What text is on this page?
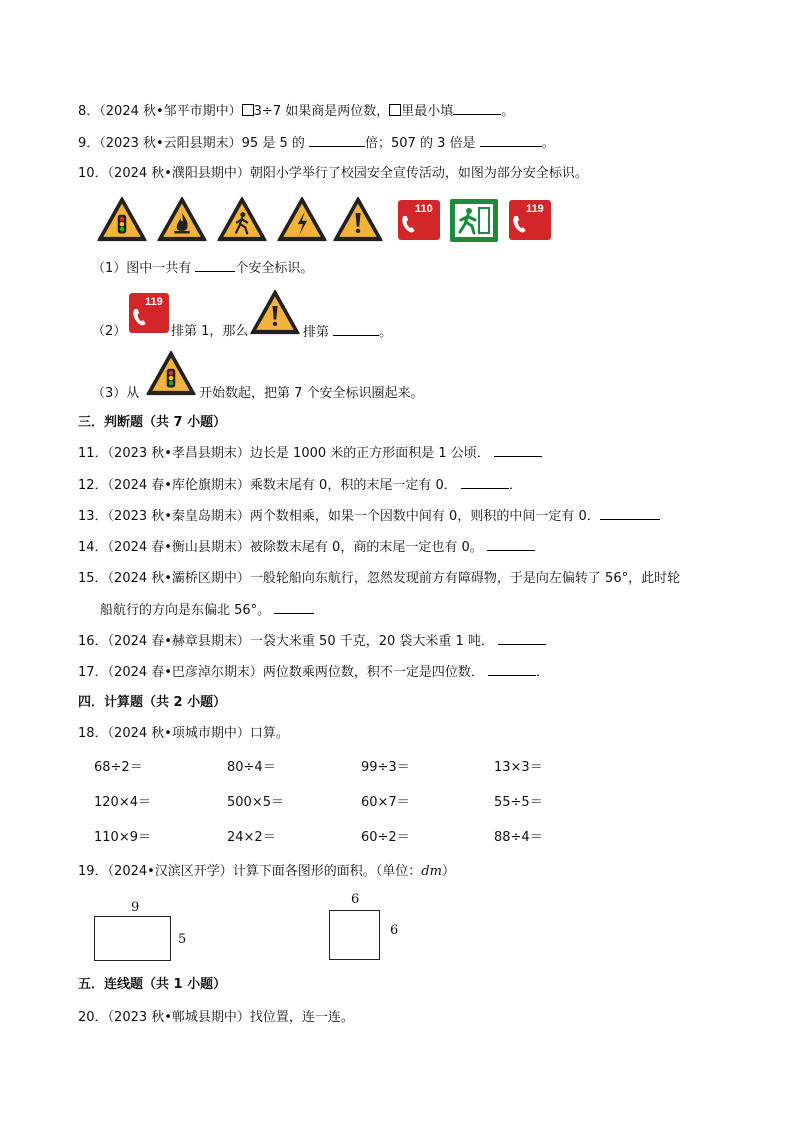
8．（2024 秋•邹平市期中） 3÷7 如果商是两位数， 里最小填	。
9．（2023 秋•云阳县期末）95 是 5 的	倍；507 的 3 倍是	。
10．（2024 秋•濮阳县期中）朝阳小学举行了校园安全宣传活动，如图为部分安全标识。
110	119
（1）图中一共有	个安全标识。
（2）
119
排第 1，那么	排第	。
（3）从	开始数起，把第 7 个安全标识圈起来。
三．判断题（共 7 小题）
11．（2023 秋•孝昌县期末）边长是 1000 米的正方形面积是 1 公顷．
12．（2024 春•库伦旗期末）乘数末尾有 0，积的末尾一定有 0．	．
13．（2023 秋•秦皇岛期末）两个数相乘，如果一个因数中间有 0，则积的中间一定有 0．
14．（2024 春•衡山县期末）被除数末尾有 0，商的末尾一定也有 0。
15．（2024 秋•灞桥区期中）一般轮船向东航行，忽然发现前方有障碍物，于是向左偏转了 56°，此时轮
船航行的方向是东偏北 56°。
16．（2024 春•赫章县期末）一袋大米重 50 千克，20 袋大米重 1 吨．
17．（2024 春•巴彦淖尔期末）两位数乘两位数，积不一定是四位数．	．
四．计算题（共 2 小题）
18．（2024 秋•项城市期中）口算。
68÷2＝	80÷4＝	99÷3＝	13×3＝
120×4＝	500×5＝	60×7＝	55÷5＝
110×9＝	24×2＝	60÷2＝	88÷4＝
19．（2024•汉滨区开学）计算下面各图形的面积。（单位：dm）
9
5
6
6
五．连线题（共 1 小题）
20．（2023 秋•郸城县期中）找位置，连一连。
